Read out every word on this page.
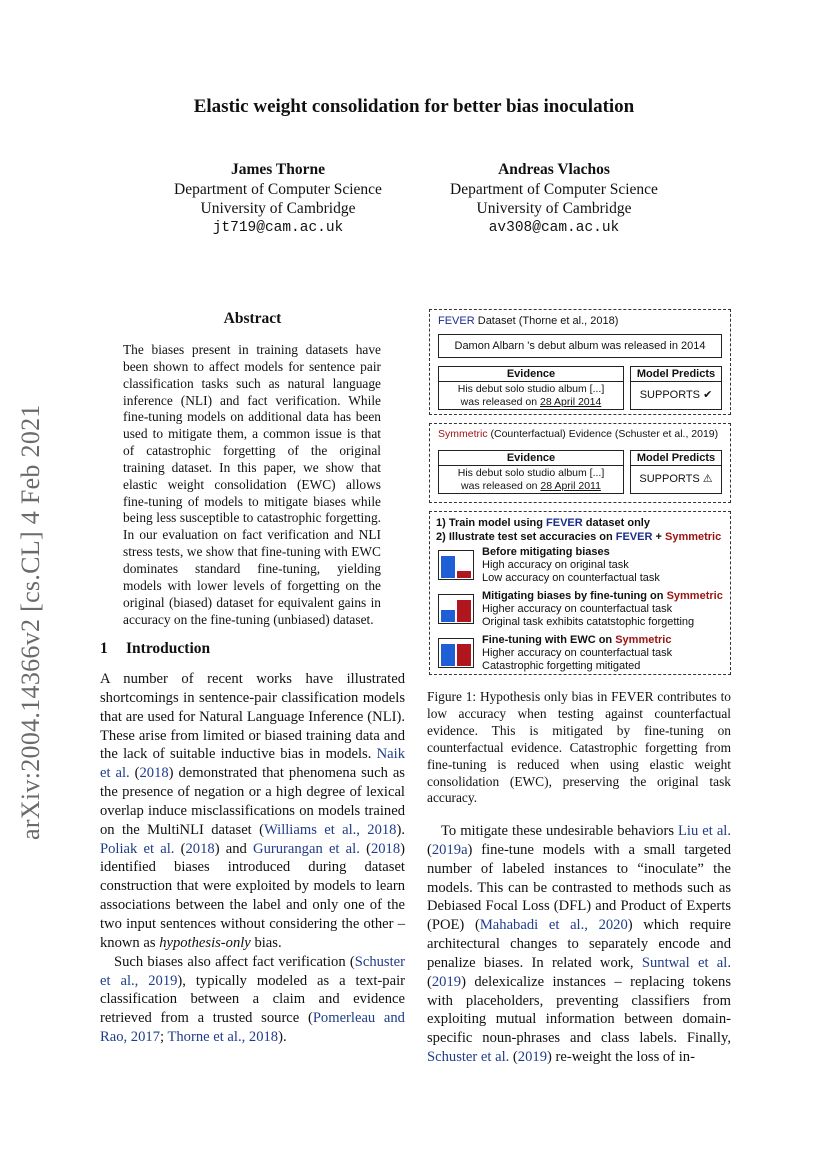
Elastic weight consolidation for better bias inoculation
James Thorne
Department of Computer Science
University of Cambridge
jt719@cam.ac.uk
Andreas Vlachos
Department of Computer Science
University of Cambridge
av308@cam.ac.uk
arXiv:2004.14366v2 [cs.CL] 4 Feb 2021
Abstract
The biases present in training datasets have been shown to affect models for sentence pair classification tasks such as natural language inference (NLI) and fact verification. While fine-tuning models on additional data has been used to mitigate them, a common issue is that of catastrophic forgetting of the original training dataset. In this paper, we show that elastic weight consolidation (EWC) allows fine-tuning of models to mitigate biases while being less susceptible to catastrophic forgetting. In our evaluation on fact verification and NLI stress tests, we show that fine-tuning with EWC dominates standard fine-tuning, yielding models with lower levels of forgetting on the original (biased) dataset for equivalent gains in accuracy on the fine-tuning (unbiased) dataset.
1 Introduction

A number of recent works have illustrated shortcomings in sentence-pair classification models that are used for Natural Language Inference (NLI). These arise from limited or biased training data and the lack of suitable inductive bias in models. Naik et al. (2018) demonstrated that phenomena such as the presence of negation or a high degree of lexical overlap induce misclassifications on models trained on the MultiNLI dataset (Williams et al., 2018). Poliak et al. (2018) and Gururangan et al. (2018) identified biases introduced during dataset construction that were exploited by models to learn associations between the label and only one of the two input sentences without considering the other – known as hypothesis-only bias.

Such biases also affect fact verification (Schuster et al., 2019), typically modeled as a text-pair classification between a claim and evidence retrieved from a trusted source (Pomerleau and Rao, 2017; Thorne et al., 2018).

FEVER Dataset (Thorne et al., 2018)
Damon Albarn 's debut album was released in 2014
Evidence
His debut solo studio album [...]
was released on 28 April 2014
Model Predicts
SUPPORTS ✔
Symmetric (Counterfactual) Evidence (Schuster et al., 2019)
Evidence
His debut solo studio album [...]
was released on 28 April 2011
Model Predicts
SUPPORTS ⚠
1) Train model using FEVER dataset only
2) Illustrate test set accuracies on FEVER + Symmetric
Before mitigating biases
High accuracy on original task
Low accuracy on counterfactual task
Mitigating biases by fine-tuning on Symmetric
Higher accuracy on counterfactual task
Original task exhibits catatstophic forgetting
Fine-tuning with EWC on Symmetric
Higher accuracy on counterfactual task
Catastrophic forgetting mitigated
Figure 1: Hypothesis only bias in FEVER contributes to low accuracy when testing against counterfactual evidence. This is mitigated by fine-tuning on counterfactual evidence. Catastrophic forgetting from fine-tuning is reduced when using elastic weight consolidation (EWC), preserving the original task accuracy.

To mitigate these undesirable behaviors Liu et al. (2019a) fine-tune models with a small targeted number of labeled instances to “inoculate” the models. This can be contrasted to methods such as Debiased Focal Loss (DFL) and Product of Experts (POE) (Mahabadi et al., 2020) which require architectural changes to separately encode and penalize biases. In related work, Suntwal et al. (2019) delexicalize instances – replacing tokens with placeholders, preventing classifiers from exploiting mutual information between domain-specific noun-phrases and class labels. Finally, Schuster et al. (2019) re-weight the loss of in-
